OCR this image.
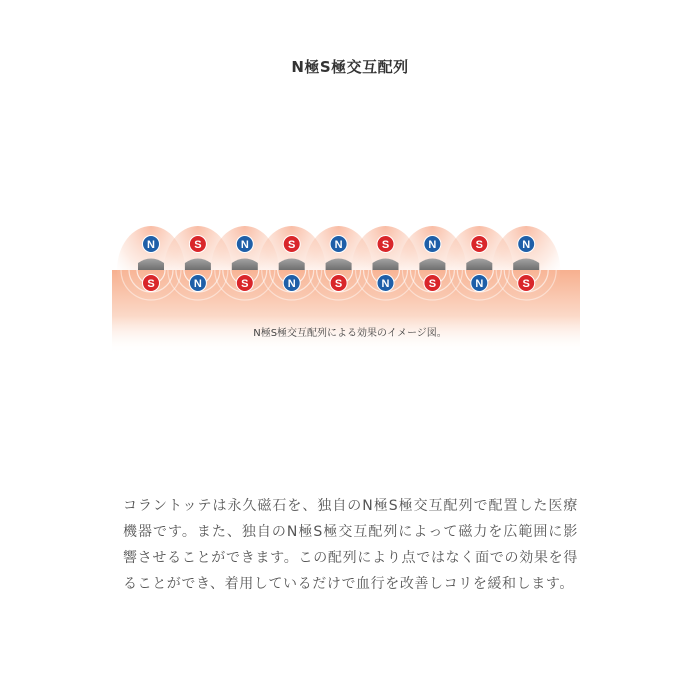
N極S極交互配列
N	S	N	S	N	S	N	S	N
S	N	S	N	S	N	S	N	S
N極S極交互配列による効果のイメージ図。
コラントッテは永久磁石を、独自のN極S極交互配列で配置した医療機器です。また、独自のN極S極交互配列によって磁力を広範囲に影響させることができます。この配列により点ではなく面での効果を得ることができ、着用しているだけで血行を改善しコリを緩和します。
